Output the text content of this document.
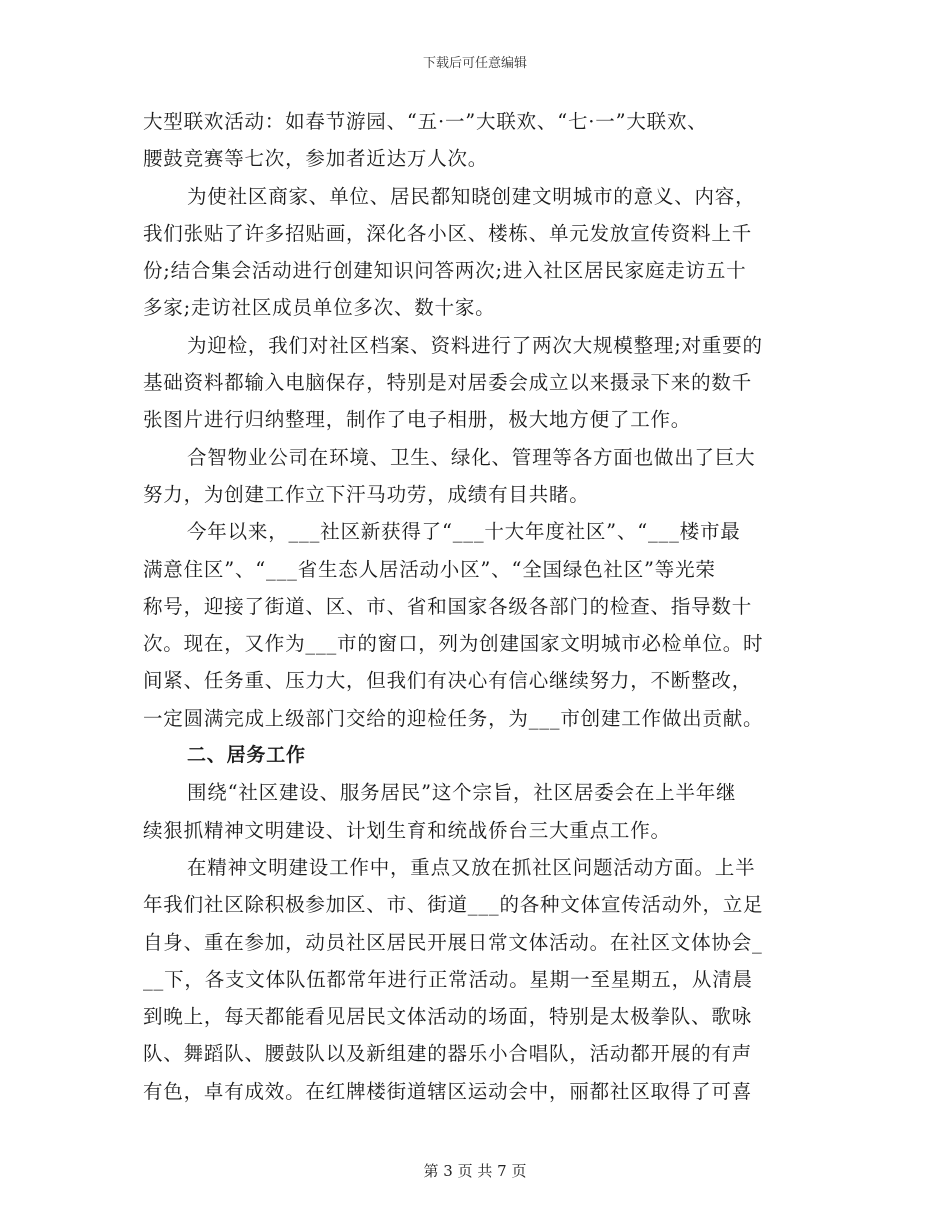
下载后可任意编辑
大型联欢活动：如春节游园、“五·一”大联欢、“七·一”大联欢、
腰鼓竞赛等七次，参加者近达万人次。
为使社区商家、单位、居民都知晓创建文明城市的意义、内容，
我们张贴了许多招贴画，深化各小区、楼栋、单元发放宣传资料上千
份;结合集会活动进行创建知识问答两次;进入社区居民家庭走访五十
多家;走访社区成员单位多次、数十家。
为迎检，我们对社区档案、资料进行了两次大规模整理;对重要的
基础资料都输入电脑保存，特别是对居委会成立以来摄录下来的数千
张图片进行归纳整理，制作了电子相册，极大地方便了工作。
合智物业公司在环境、卫生、绿化、管理等各方面也做出了巨大
努力，为创建工作立下汗马功劳，成绩有目共睹。
今年以来，___社区新获得了“___十大年度社区”、“___楼市最
满意住区”、“___省生态人居活动小区”、“全国绿色社区”等光荣
称号，迎接了街道、区、市、省和国家各级各部门的检查、指导数十
次。现在，又作为___市的窗口，列为创建国家文明城市必检单位。时
间紧、任务重、压力大，但我们有决心有信心继续努力，不断整改，
一定圆满完成上级部门交给的迎检任务，为___市创建工作做出贡献。
二、居务工作
围绕“社区建设、服务居民”这个宗旨，社区居委会在上半年继
续狠抓精神文明建设、计划生育和统战侨台三大重点工作。
在精神文明建设工作中，重点又放在抓社区问题活动方面。上半
年我们社区除积极参加区、市、街道___的各种文体宣传活动外，立足
自身、重在参加，动员社区居民开展日常文体活动。在社区文体协会_
__下，各支文体队伍都常年进行正常活动。星期一至星期五，从清晨
到晚上，每天都能看见居民文体活动的场面，特别是太极拳队、歌咏
队、舞蹈队、腰鼓队以及新组建的器乐小合唱队，活动都开展的有声
有色，卓有成效。在红牌楼街道辖区运动会中，丽都社区取得了可喜
第 3 页 共 7 页
